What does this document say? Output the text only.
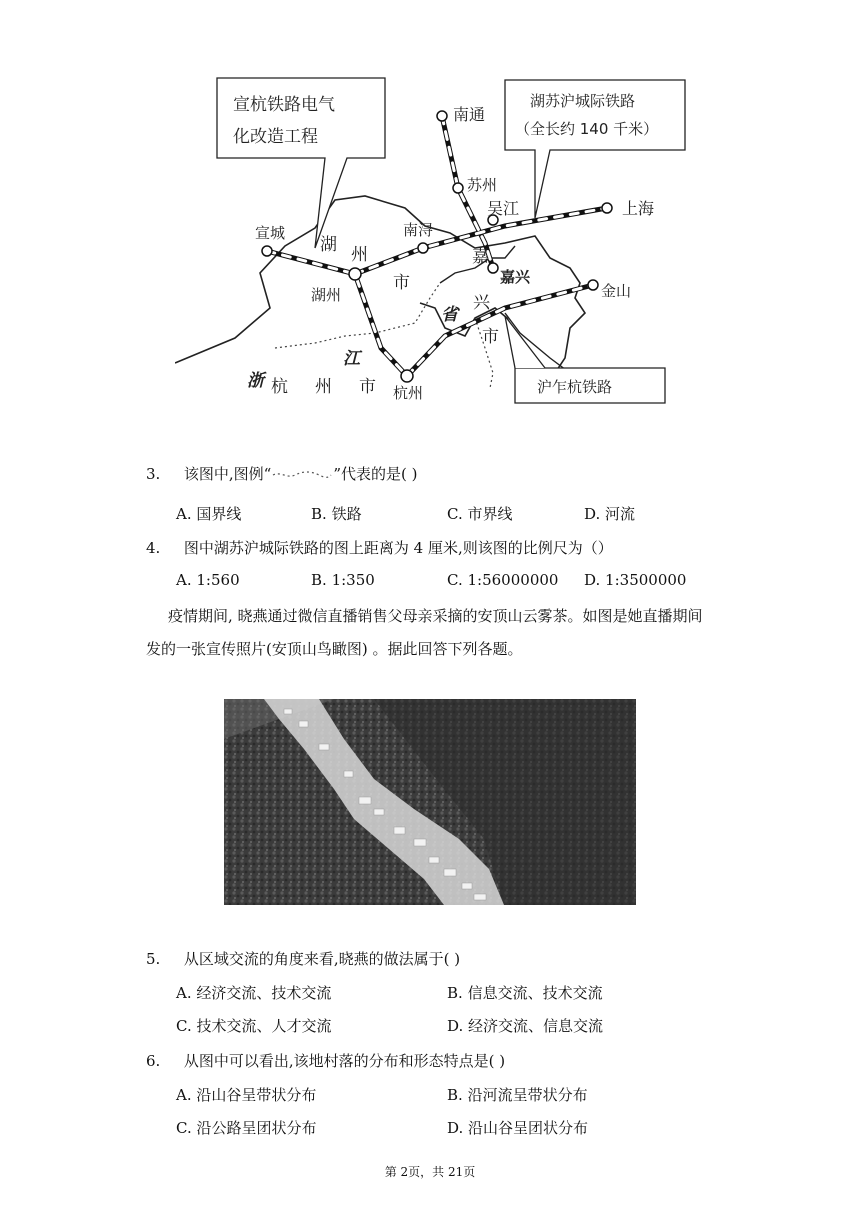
宣杭铁路电气
化改造工程
湖苏沪城际铁路
（全长约 140 千米）
沪乍杭铁路
南通
苏州
吴江	上海
宣城	南浔
湖州
嘉兴
金山
杭州
湖 州
市
嘉
兴
市
浙
江
省
杭 州 市
3. 该图中,图例“	”代表的是( )
A. 国界线	B. 铁路	C. 市界线	D. 河流
4. 图中湖苏沪城际铁路的图上距离为 4 厘米,则该图的比例尺为（）
A. 1:560	B. 1:350	C. 1:56000000 D. 1:3500000
疫情期间, 晓燕通过微信直播销售父母亲采摘的安顶山云雾茶。如图是她直播期间
发的一张宣传照片(安顶山鸟瞰图) 。据此回答下列各题。
5. 从区域交流的角度来看,晓燕的做法属于( )
A. 经济交流、技术交流	B. 信息交流、技术交流
C. 技术交流、人才交流	D. 经济交流、信息交流
6. 从图中可以看出,该地村落的分布和形态特点是( )
A. 沿山谷呈带状分布	B. 沿河流呈带状分布
C. 沿公路呈团状分布	D. 沿山谷呈团状分布
第 2页，共 21页
